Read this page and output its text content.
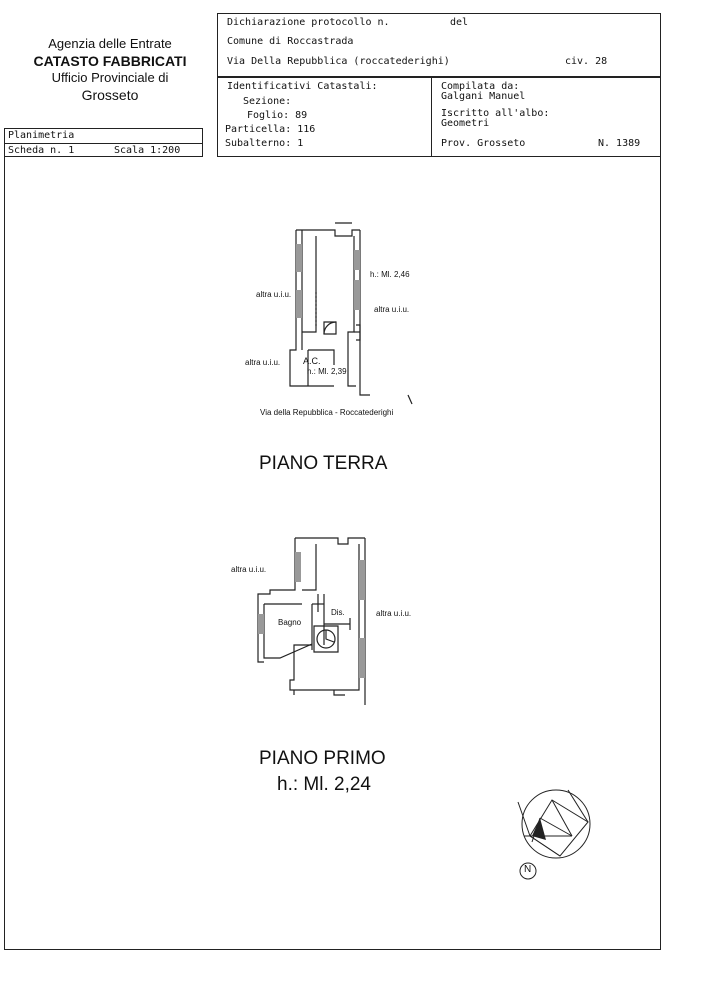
Agenzia delle Entrate
CATASTO FABBRICATI
Ufficio Provinciale di
Grosseto
Dichiarazione protocollo n.	del
Comune di Roccastrada
Via Della Repubblica (roccatederighi)	civ. 28
Identificativi Catastali:
Sezione:
Foglio: 89
Particella: 116
Subalterno: 1
Compilata da:
Galgani Manuel
Iscritto all'albo:
Geometri
Prov. Grosseto	N. 1389
Planimetria
Scheda n. 1	Scala 1:200
h.: Ml. 2,46
altra u.i.u.
altra u.i.u.
altra u.i.u.	A.C.
h.: Ml. 2,39
Via della Repubblica - Roccatederighi
PIANO TERRA
altra u.i.u.
altra u.i.u.
Dis.
Bagno
PIANO PRIMO
h.: Ml. 2,24
N
